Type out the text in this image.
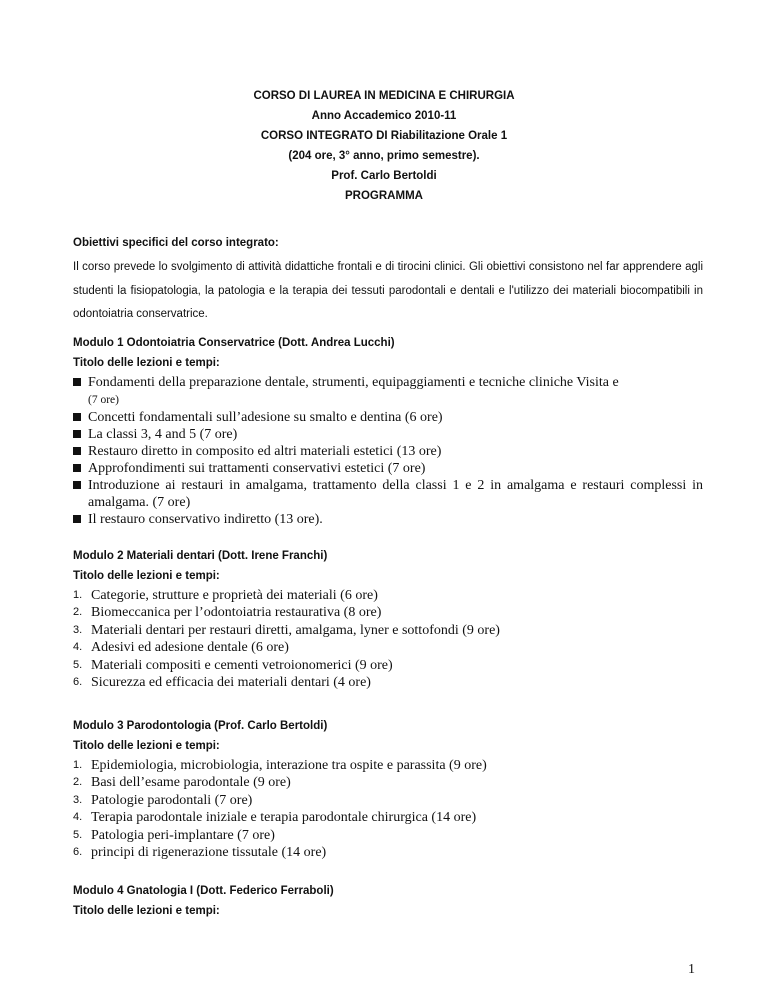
CORSO DI LAUREA IN MEDICINA E CHIRURGIA

Anno Accademico 2010-11

CORSO INTEGRATO DI Riabilitazione Orale 1

(204 ore, 3° anno, primo semestre).

Prof. Carlo Bertoldi

PROGRAMMA

Obiettivi specifici del corso integrato:

Il corso prevede lo svolgimento di attività didattiche frontali e di tirocini clinici. Gli obiettivi consistono nel far apprendere agli studenti la fisiopatologia, la patologia e la terapia dei tessuti parodontali e dentali e l'utilizzo dei materiali biocompatibili in odontoiatria conservatrice.

Modulo 1 Odontoiatria Conservatrice (Dott. Andrea Lucchi)

Titolo delle lezioni e tempi:

Fondamenti della preparazione dentale, strumenti, equipaggiamenti e tecniche cliniche Visita e
(7 ore)
Concetti fondamentali sull’adesione su smalto e dentina (6 ore)
La classi 3, 4 and 5 (7 ore)
Restauro diretto in composito ed altri materiali estetici (13 ore)
Approfondimenti sui trattamenti conservativi estetici (7 ore)
Introduzione ai restauri in amalgama, trattamento della classi 1 e 2 in amalgama e restauri complessi in amalgama. (7 ore)
Il restauro conservativo indiretto (13 ore).

Modulo 2 Materiali dentari (Dott. Irene Franchi)

Titolo delle lezioni e tempi:

1. Categorie, strutture e proprietà dei materiali (6 ore)
2. Biomeccanica per l’odontoiatria restaurativa (8 ore)
3. Materiali dentari per restauri diretti, amalgama, lyner e sottofondi (9 ore)
4. Adesivi ed adesione dentale (6 ore)
5. Materiali compositi e cementi vetroionomerici (9 ore)
6. Sicurezza ed efficacia dei materiali dentari (4 ore)

Modulo 3 Parodontologia (Prof. Carlo Bertoldi)

Titolo delle lezioni e tempi:

1. Epidemiologia, microbiologia, interazione tra ospite e parassita (9 ore)
2. Basi dell’esame parodontale (9 ore)
3. Patologie parodontali (7 ore)
4. Terapia parodontale iniziale e terapia parodontale chirurgica (14 ore)
5. Patologia peri-implantare (7 ore)
6. principi di rigenerazione tissutale (14 ore)

Modulo 4 Gnatologia I (Dott. Federico Ferraboli)

Titolo delle lezioni e tempi:

1
